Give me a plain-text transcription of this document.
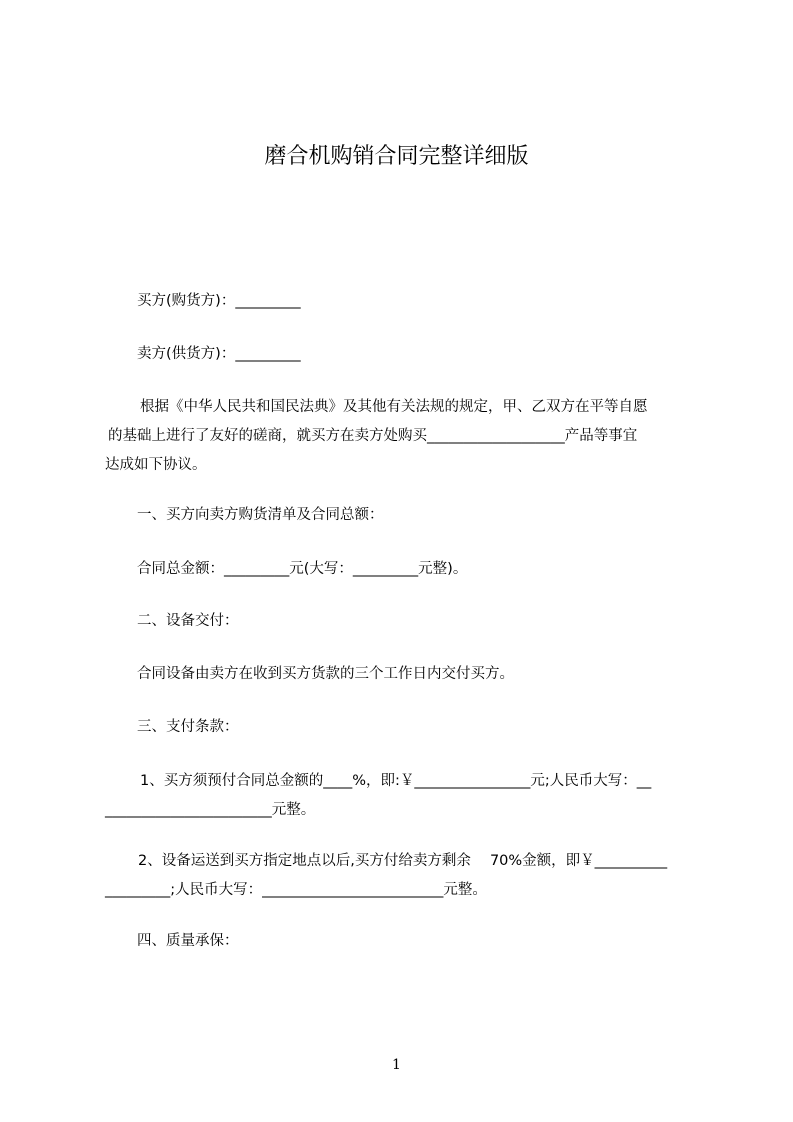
磨合机购销合同完整详细版
买方(购货方)：_________
卖方(供货方)：_________
根据《中华人民共和国民法典》及其他有关法规的规定，甲、乙双方在平等自愿
的基础上进行了友好的磋商，就买方在卖方处购买___________________产品等事宜
达成如下协议。
一、买方向卖方购货清单及合同总额：
合同总金额：_________元(大写：_________元整)。
二、设备交付：
合同设备由卖方在收到买方货款的三个工作日内交付买方。
三、支付条款：
1、买方须预付合同总金额的____%，即:￥________________元;人民币大写：__
_______________________元整。
2、设备运送到买方指定地点以后,买方付给卖方剩余　 70%金额，即￥__________
_________;人民币大写：_________________________元整。
四、质量承保：
1
